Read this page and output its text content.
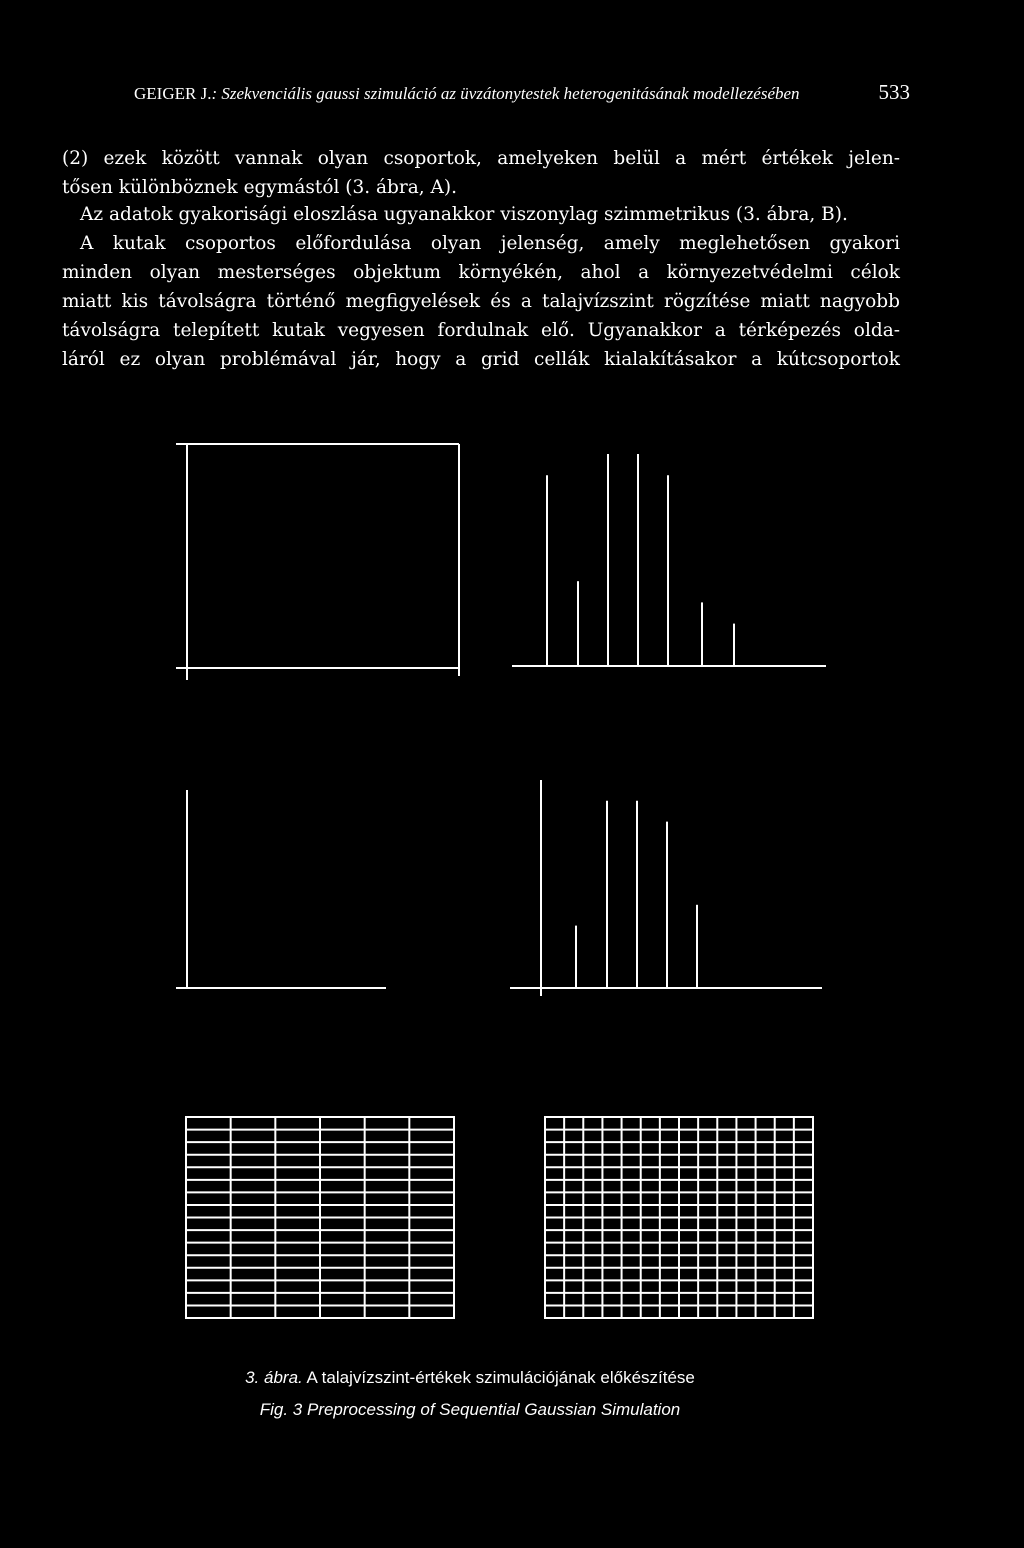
GEIGER J.: Szekvenciális gaussi szimuláció az üvzátonytestek heterogenitásának modellezésében	533
(2) ezek között vannak olyan csoportok, amelyeken belül a mért értékek jelen-
tősen különböznek egymástól (3. ábra, A).
Az adatok gyakorisági eloszlása ugyanakkor viszonylag szimmetrikus (3. ábra, B).
A kutak csoportos előfordulása olyan jelenség, amely meglehetősen gyakori
minden olyan mesterséges objektum környékén, ahol a környezetvédelmi célok
miatt kis távolságra történő megfigyelések és a talajvízszint rögzítése miatt nagyobb
távolságra telepített kutak vegyesen fordulnak elő. Ugyanakkor a térképezés olda-
láról ez olyan problémával jár, hogy a grid cellák kialakításakor a kútcsoportok
3. ábra. A talajvízszint-értékek szimulációjának előkészítése
Fig. 3 Preprocessing of Sequential Gaussian Simulation
